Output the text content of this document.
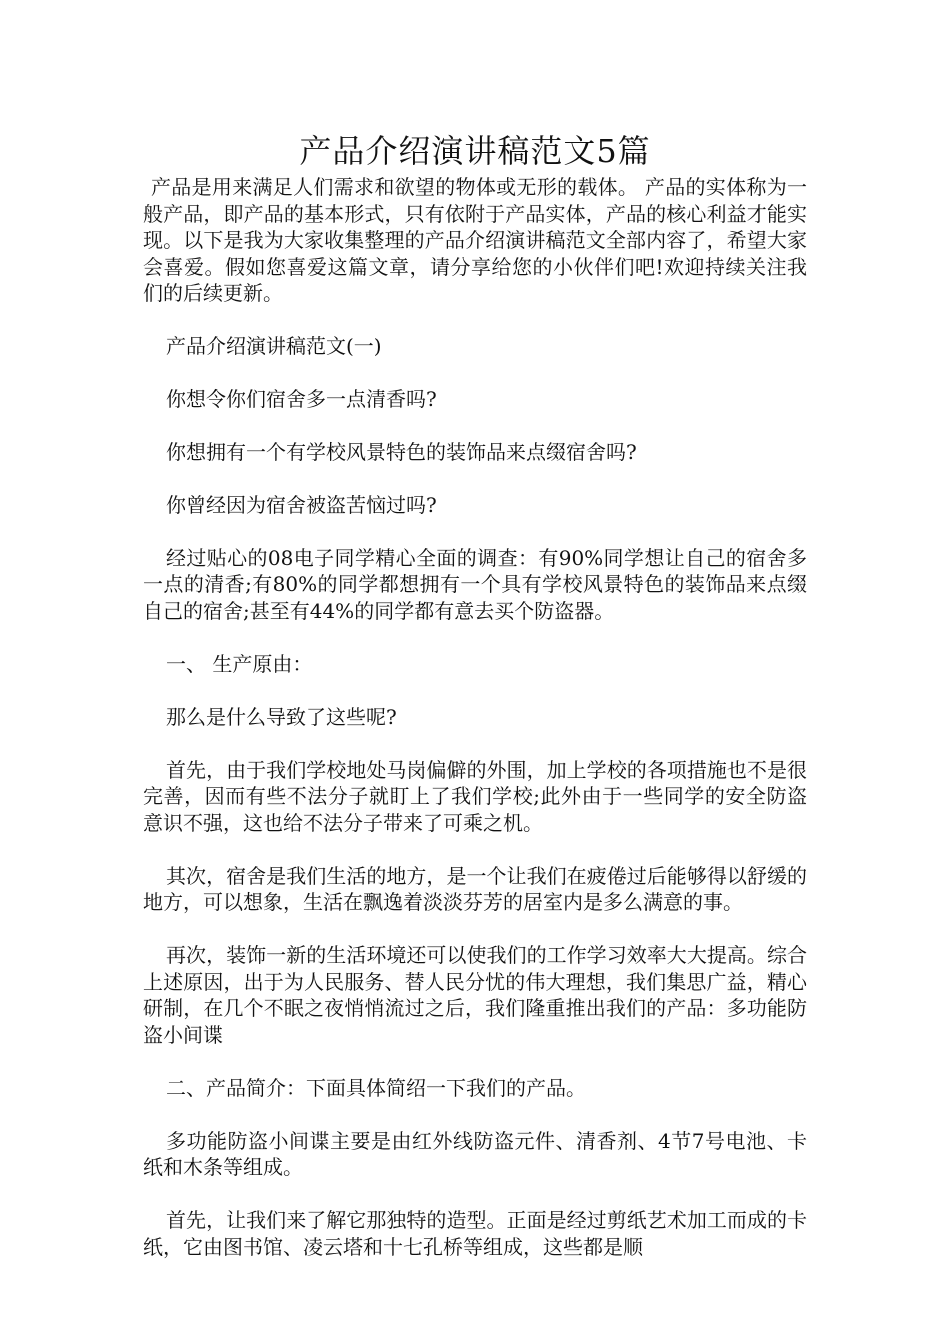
产品介绍演讲稿范文5篇

产品是用来满足人们需求和欲望的物体或无形的载体。 产品的实体称为一般产品，即产品的基本形式，只有依附于产品实体，产品的核心利益才能实现。以下是我为大家收集整理的产品介绍演讲稿范文全部内容了，希望大家会喜爱。假如您喜爱这篇文章，请分享给您的小伙伴们吧!欢迎持续关注我们的后续更新。

产品介绍演讲稿范文(一)

你想令你们宿舍多一点清香吗?

你想拥有一个有学校风景特色的装饰品来点缀宿舍吗?

你曾经因为宿舍被盗苦恼过吗?

经过贴心的08电子同学精心全面的调查：有90%同学想让自己的宿舍多一点的清香;有80%的同学都想拥有一个具有学校风景特色的装饰品来点缀自己的宿舍;甚至有44%的同学都有意去买个防盗器。

一、 生产原由：

那么是什么导致了这些呢?

首先，由于我们学校地处马岗偏僻的外围，加上学校的各项措施也不是很完善，因而有些不法分子就盯上了我们学校;此外由于一些同学的安全防盗意识不强，这也给不法分子带来了可乘之机。

其次，宿舍是我们生活的地方，是一个让我们在疲倦过后能够得以舒缓的地方，可以想象，生活在飘逸着淡淡芬芳的居室内是多么满意的事。

再次，装饰一新的生活环境还可以使我们的工作学习效率大大提高。综合上述原因，出于为人民服务、替人民分忧的伟大理想，我们集思广益，精心研制，在几个不眠之夜悄悄流过之后，我们隆重推出我们的产品：多功能防盗小间谍

二、产品简介：下面具体简绍一下我们的产品。

多功能防盗小间谍主要是由红外线防盗元件、清香剂、4节7号电池、卡纸和木条等组成。

首先，让我们来了解它那独特的造型。正面是经过剪纸艺术加工而成的卡纸，它由图书馆、凌云塔和十七孔桥等组成，这些都是顺
